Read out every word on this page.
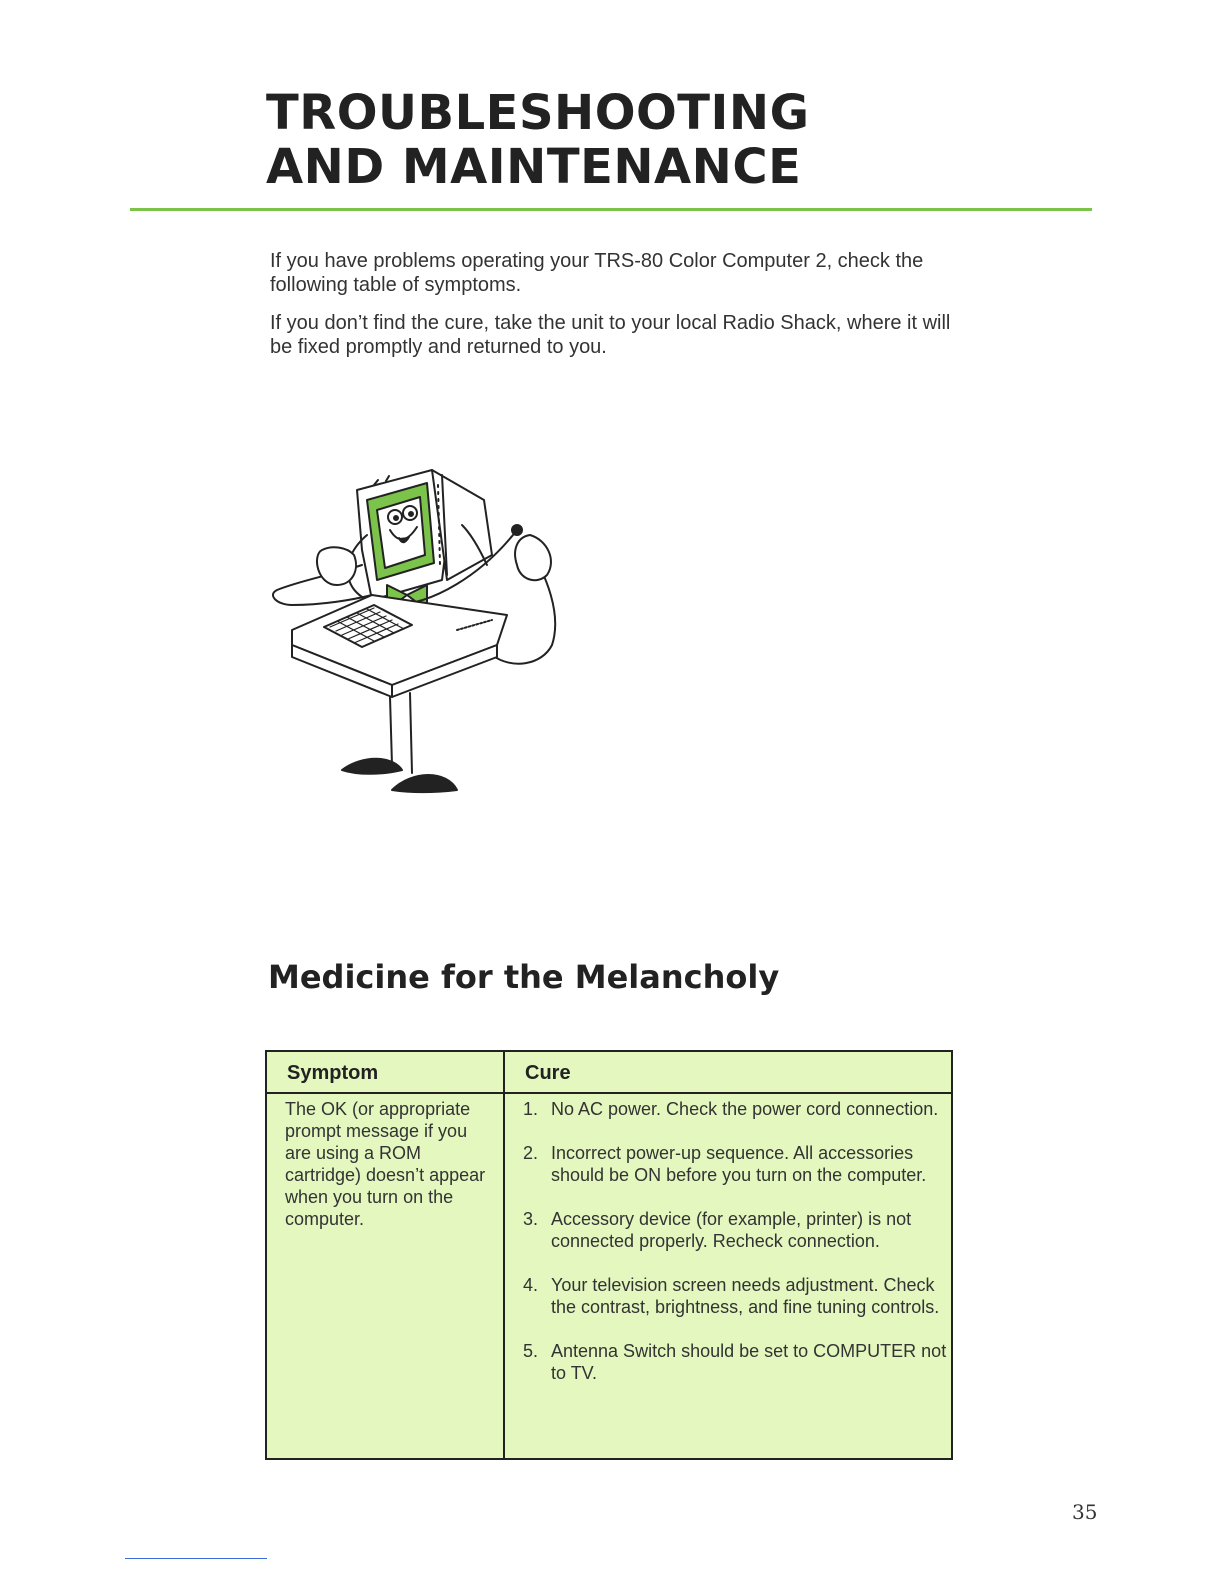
TROUBLESHOOTING
AND MAINTENANCE

If you have problems operating your TRS-80 Color Computer 2, check the following table of symptoms.

If you don’t find the cure, take the unit to your local Radio Shack, where it will be fixed promptly and returned to you.

Medicine for the Melancholy
Symptom	Cure

The OK (or appropriate prompt message if you are using a ROM cartridge) doesn’t appear when you turn on the computer.

1. No AC power. Check the power cord connection.
2. Incorrect power-up sequence. All accessories should be ON before you turn on the computer.
3. Accessory device (for example, printer) is not connected properly. Recheck connection.
4. Your television screen needs adjustment. Check the contrast, brightness, and fine tuning controls.
5. Antenna Switch should be set to COMPUTER not to TV.
35
